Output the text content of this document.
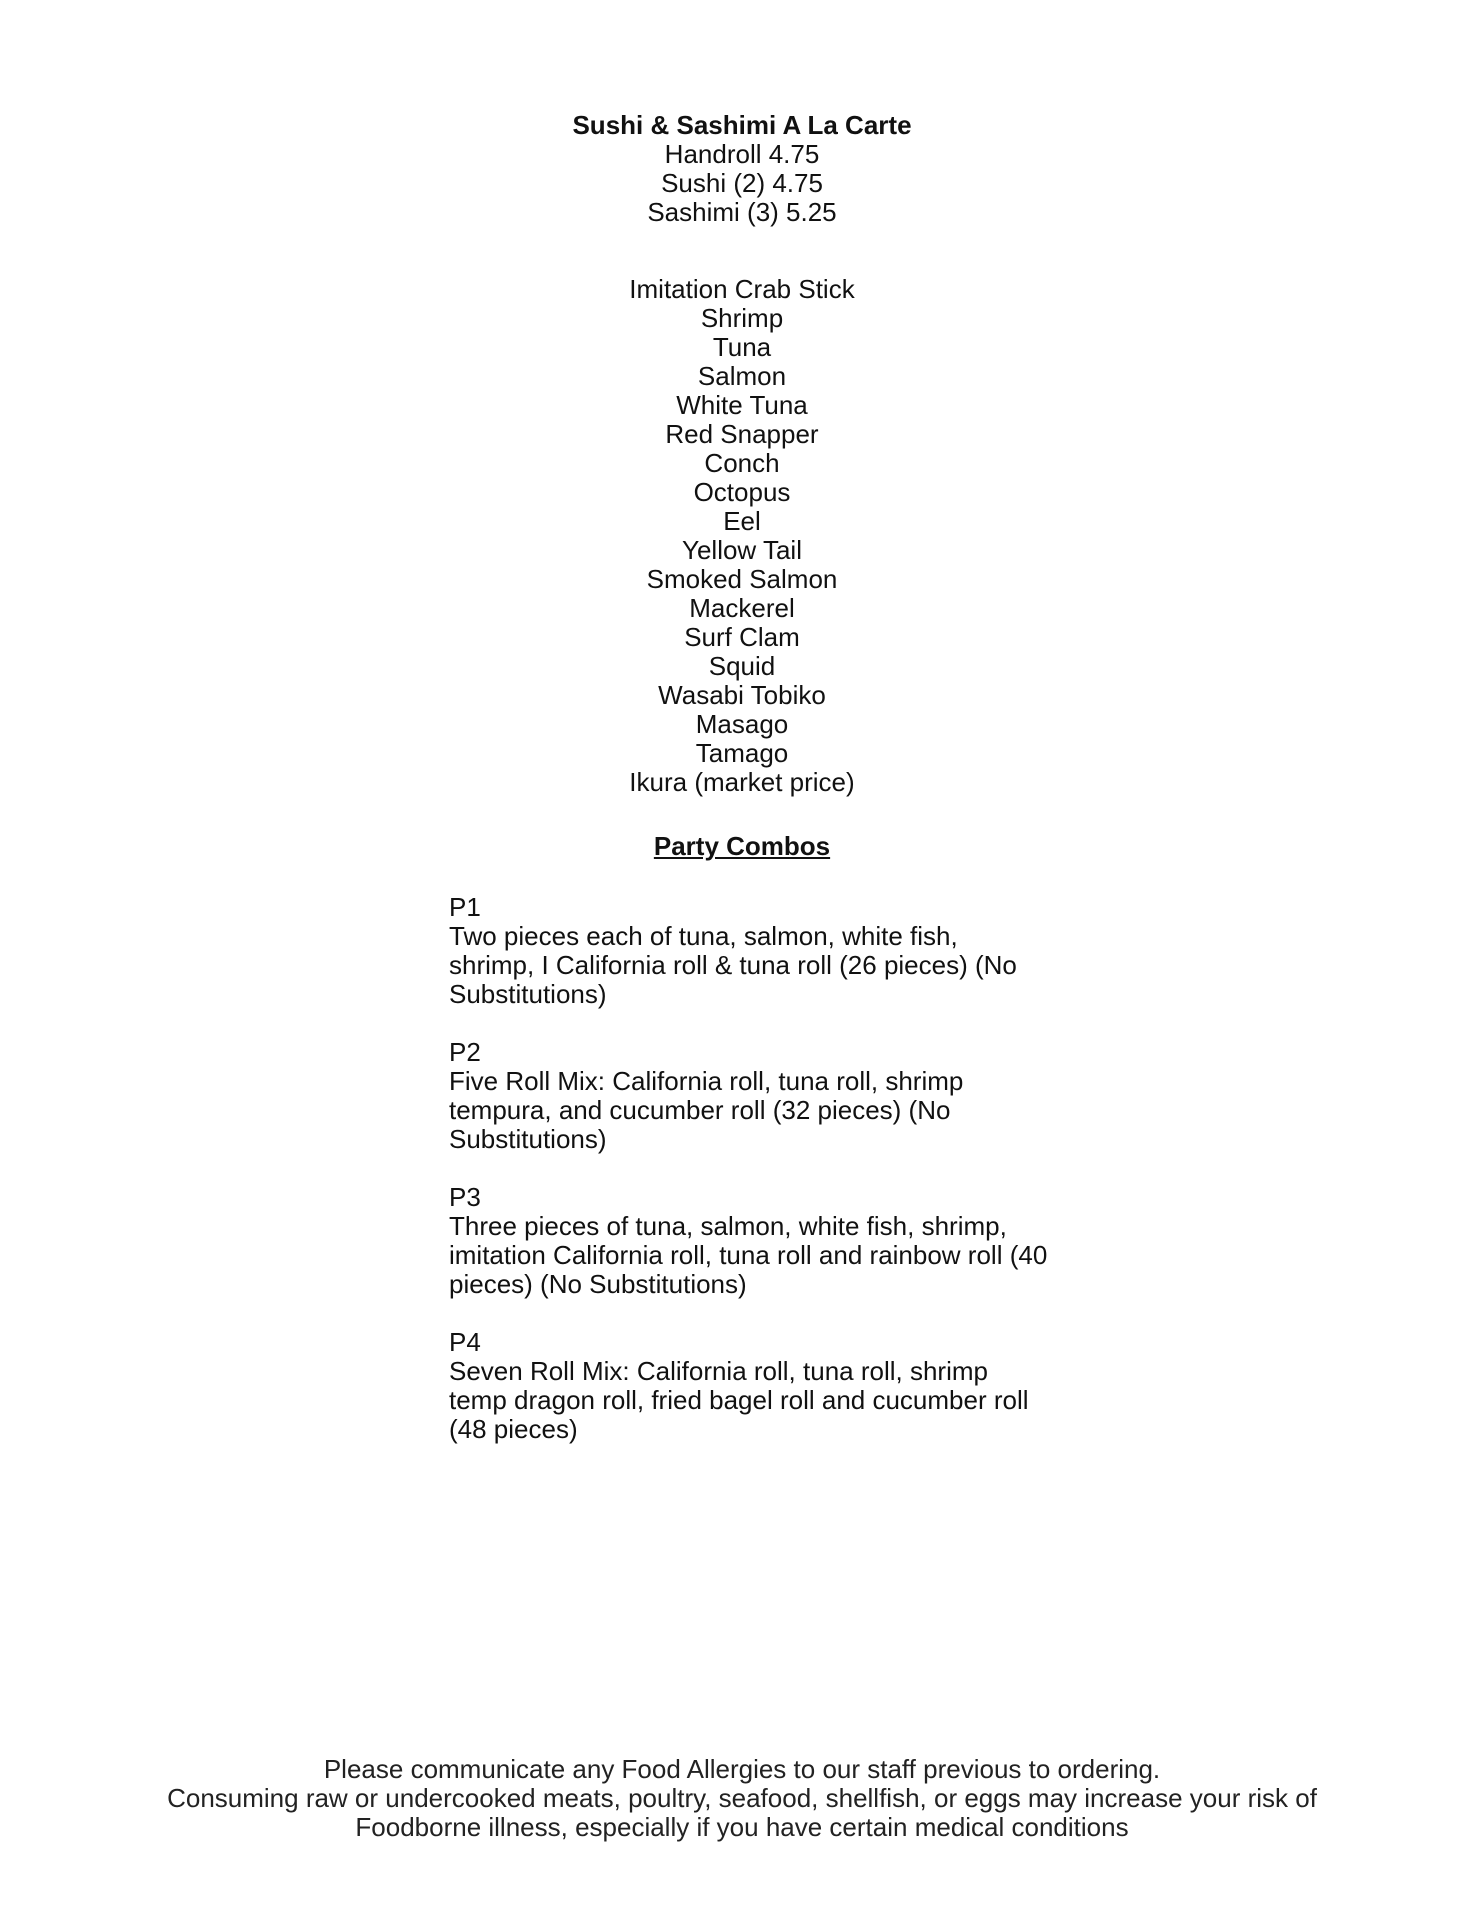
Sushi & Sashimi A La Carte
Handroll 4.75
Sushi (2) 4.75
Sashimi (3) 5.25
Imitation Crab Stick
Shrimp
Tuna
Salmon
White Tuna
Red Snapper
Conch
Octopus
Eel
Yellow Tail
Smoked Salmon
Mackerel
Surf Clam
Squid
Wasabi Tobiko
Masago
Tamago
Ikura (market price)
Party Combos
P1
Two pieces each of tuna, salmon, white fish, shrimp, I California roll & tuna roll (26 pieces) (No Substitutions)
P2
Five Roll Mix: California roll, tuna roll, shrimp tempura, and cucumber roll (32 pieces) (No Substitutions)
P3
Three pieces of tuna, salmon, white fish, shrimp, imitation California roll, tuna roll and rainbow roll (40 pieces) (No Substitutions)
P4
Seven Roll Mix: California roll, tuna roll, shrimp temp dragon roll, fried bagel roll and cucumber roll (48 pieces)
Please communicate any Food Allergies to our staff previous to ordering.
Consuming raw or undercooked meats, poultry, seafood, shellfish, or eggs may increase your risk of
Foodborne illness, especially if you have certain medical conditions
